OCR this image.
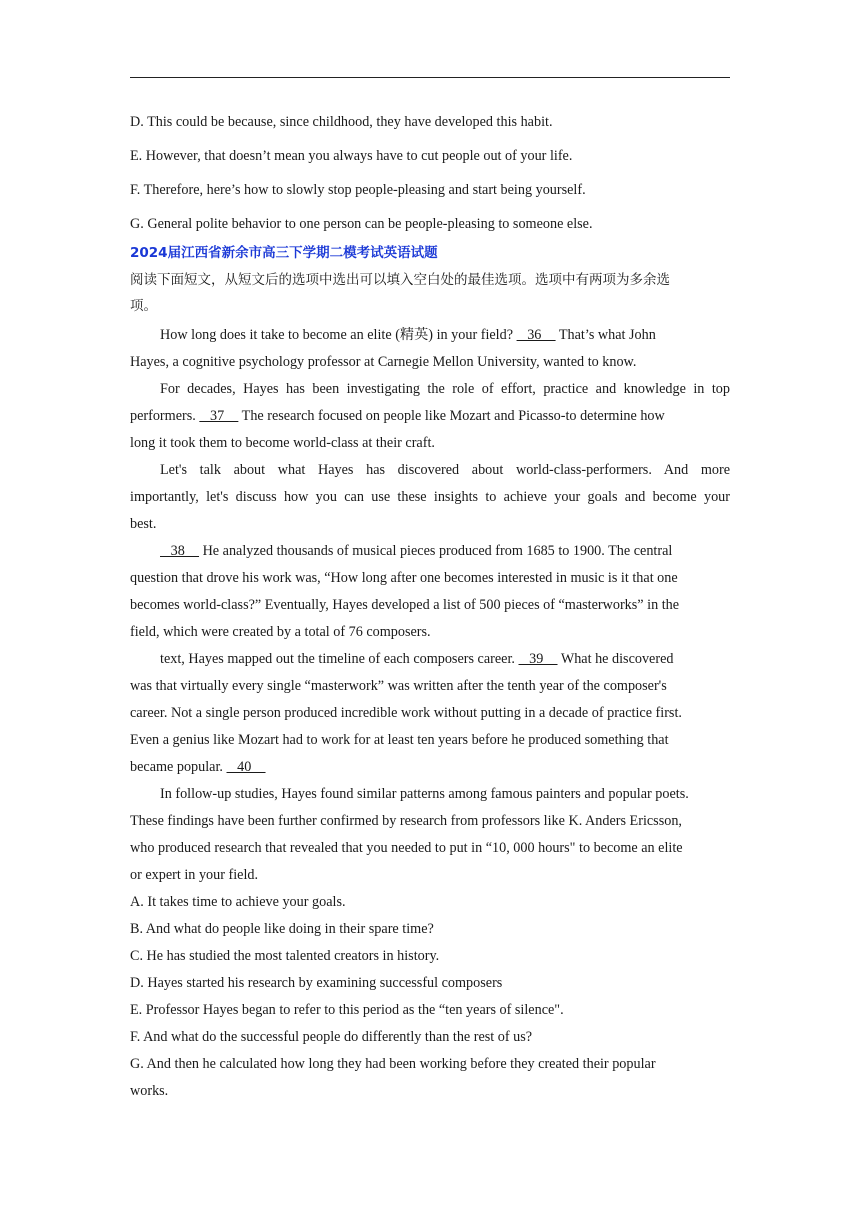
D. This could be because, since childhood, they have developed this habit.
E. However, that doesn’t mean you always have to cut people out of your life.
F. Therefore, here’s how to slowly stop people-pleasing and start being yourself.
G. General polite behavior to one person can be people-pleasing to someone else.
2024届江西省新余市高三下学期二模考试英语试题
阅读下面短文，从短文后的选项中选出可以填入空白处的最佳选项。选项中有两项为多余选
项。
How long does it take to become an elite (精英) in your field?    36     That’s what John
Hayes, a cognitive psychology professor at Carnegie Mellon University, wanted to know.
For decades, Hayes has been investigating the role of effort, practice and knowledge in top
performers.    37     The research focused on people like Mozart and Picasso-to determine how
long it took them to become world-class at their craft.
Let's talk about what Hayes has discovered about world-class-performers. And more
importantly, let's discuss how you can use these insights to achieve your goals and become your
best.
38     He analyzed thousands of musical pieces produced from 1685 to 1900. The central
question that drove his work was, “How long after one becomes interested in music is it that one
becomes world-class?” Eventually, Hayes developed a list of 500 pieces of “masterworks” in the
field, which were created by a total of 76 composers.
text, Hayes mapped out the timeline of each composers career.    39     What he discovered
was that virtually every single “masterwork” was written after the tenth year of the composer's
career. Not a single person produced incredible work without putting in a decade of practice first.
Even a genius like Mozart had to work for at least ten years before he produced something that
became popular.    40
In follow-up studies, Hayes found similar patterns among famous painters and popular poets.
These findings have been further confirmed by research from professors like K. Anders Ericsson,
who produced research that revealed that you needed to put in “10, 000 hours" to become an elite
or expert in your field.
A. It takes time to achieve your goals.
B. And what do people like doing in their spare time?
C. He has studied the most talented creators in history.
D. Hayes started his research by examining successful composers
E. Professor Hayes began to refer to this period as the “ten years of silence".
F. And what do the successful people do differently than the rest of us?
G. And then he calculated how long they had been working before they created their popular
works.
